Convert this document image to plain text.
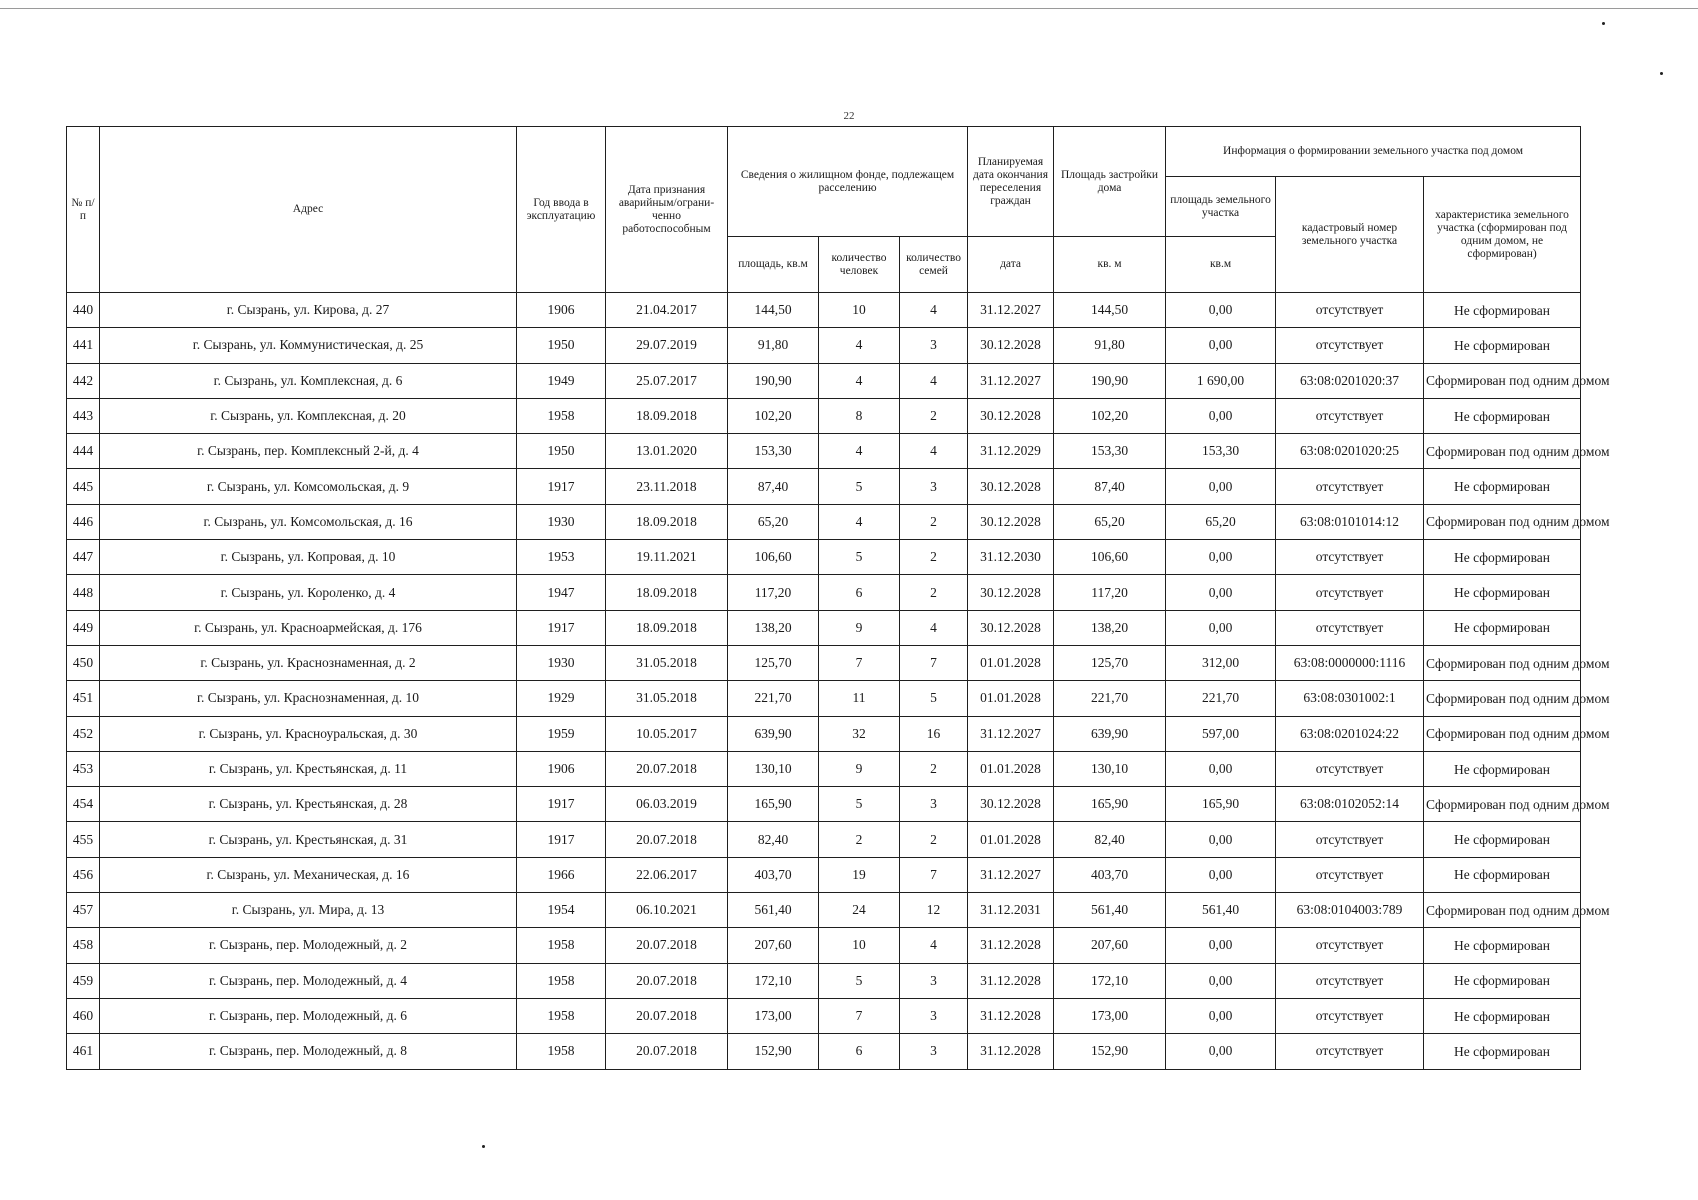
22
№ п/п	Адрес	Год ввода в эксплуатацию	Дата признания аварийным/ограни-ченно работоспособным	Сведения о жилищном фонде, подлежащем расселению			Планируемая дата окончания переселения граждан	Площадь застройки дома	Информация о формировании земельного участка под домом		
									площадь земельного участка	кадастровый номер земельного участка	характеристика земельного участка (сформирован под одним домом, не сформирован)
				площадь, кв.м	количество человек	количество семей	дата	кв. м	кв.м		
440	г. Сызрань, ул. Кирова, д. 27	1906	21.04.2017	144,50	10	4	31.12.2027	144,50	0,00	отсутствует	Не сформирован
441	г. Сызрань, ул. Коммунистическая, д. 25	1950	29.07.2019	91,80	4	3	30.12.2028	91,80	0,00	отсутствует	Не сформирован
442	г. Сызрань, ул. Комплексная, д. 6	1949	25.07.2017	190,90	4	4	31.12.2027	190,90	1 690,00	63:08:0201020:37	Сформирован под одним домом
443	г. Сызрань, ул. Комплексная, д. 20	1958	18.09.2018	102,20	8	2	30.12.2028	102,20	0,00	отсутствует	Не сформирован
444	г. Сызрань, пер. Комплексный 2-й, д. 4	1950	13.01.2020	153,30	4	4	31.12.2029	153,30	153,30	63:08:0201020:25	Сформирован под одним домом
445	г. Сызрань, ул. Комсомольская, д. 9	1917	23.11.2018	87,40	5	3	30.12.2028	87,40	0,00	отсутствует	Не сформирован
446	г. Сызрань, ул. Комсомольская, д. 16	1930	18.09.2018	65,20	4	2	30.12.2028	65,20	65,20	63:08:0101014:12	Сформирован под одним домом
447	г. Сызрань, ул. Копровая, д. 10	1953	19.11.2021	106,60	5	2	31.12.2030	106,60	0,00	отсутствует	Не сформирован
448	г. Сызрань, ул. Короленко, д. 4	1947	18.09.2018	117,20	6	2	30.12.2028	117,20	0,00	отсутствует	Не сформирован
449	г. Сызрань, ул. Красноармейская, д. 176	1917	18.09.2018	138,20	9	4	30.12.2028	138,20	0,00	отсутствует	Не сформирован
450	г. Сызрань, ул. Краснознаменная, д. 2	1930	31.05.2018	125,70	7	7	01.01.2028	125,70	312,00	63:08:0000000:1116	Сформирован под одним домом
451	г. Сызрань, ул. Краснознаменная, д. 10	1929	31.05.2018	221,70	11	5	01.01.2028	221,70	221,70	63:08:0301002:1	Сформирован под одним домом
452	г. Сызрань, ул. Красноуральская, д. 30	1959	10.05.2017	639,90	32	16	31.12.2027	639,90	597,00	63:08:0201024:22	Сформирован под одним домом
453	г. Сызрань, ул. Крестьянская, д. 11	1906	20.07.2018	130,10	9	2	01.01.2028	130,10	0,00	отсутствует	Не сформирован
454	г. Сызрань, ул. Крестьянская, д. 28	1917	06.03.2019	165,90	5	3	30.12.2028	165,90	165,90	63:08:0102052:14	Сформирован под одним домом
455	г. Сызрань, ул. Крестьянская, д. 31	1917	20.07.2018	82,40	2	2	01.01.2028	82,40	0,00	отсутствует	Не сформирован
456	г. Сызрань, ул. Механическая, д. 16	1966	22.06.2017	403,70	19	7	31.12.2027	403,70	0,00	отсутствует	Не сформирован
457	г. Сызрань, ул. Мира, д. 13	1954	06.10.2021	561,40	24	12	31.12.2031	561,40	561,40	63:08:0104003:789	Сформирован под одним домом
458	г. Сызрань, пер. Молодежный, д. 2	1958	20.07.2018	207,60	10	4	31.12.2028	207,60	0,00	отсутствует	Не сформирован
459	г. Сызрань, пер. Молодежный, д. 4	1958	20.07.2018	172,10	5	3	31.12.2028	172,10	0,00	отсутствует	Не сформирован
460	г. Сызрань, пер. Молодежный, д. 6	1958	20.07.2018	173,00	7	3	31.12.2028	173,00	0,00	отсутствует	Не сформирован
461	г. Сызрань, пер. Молодежный, д. 8	1958	20.07.2018	152,90	6	3	31.12.2028	152,90	0,00	отсутствует	Не сформирован
